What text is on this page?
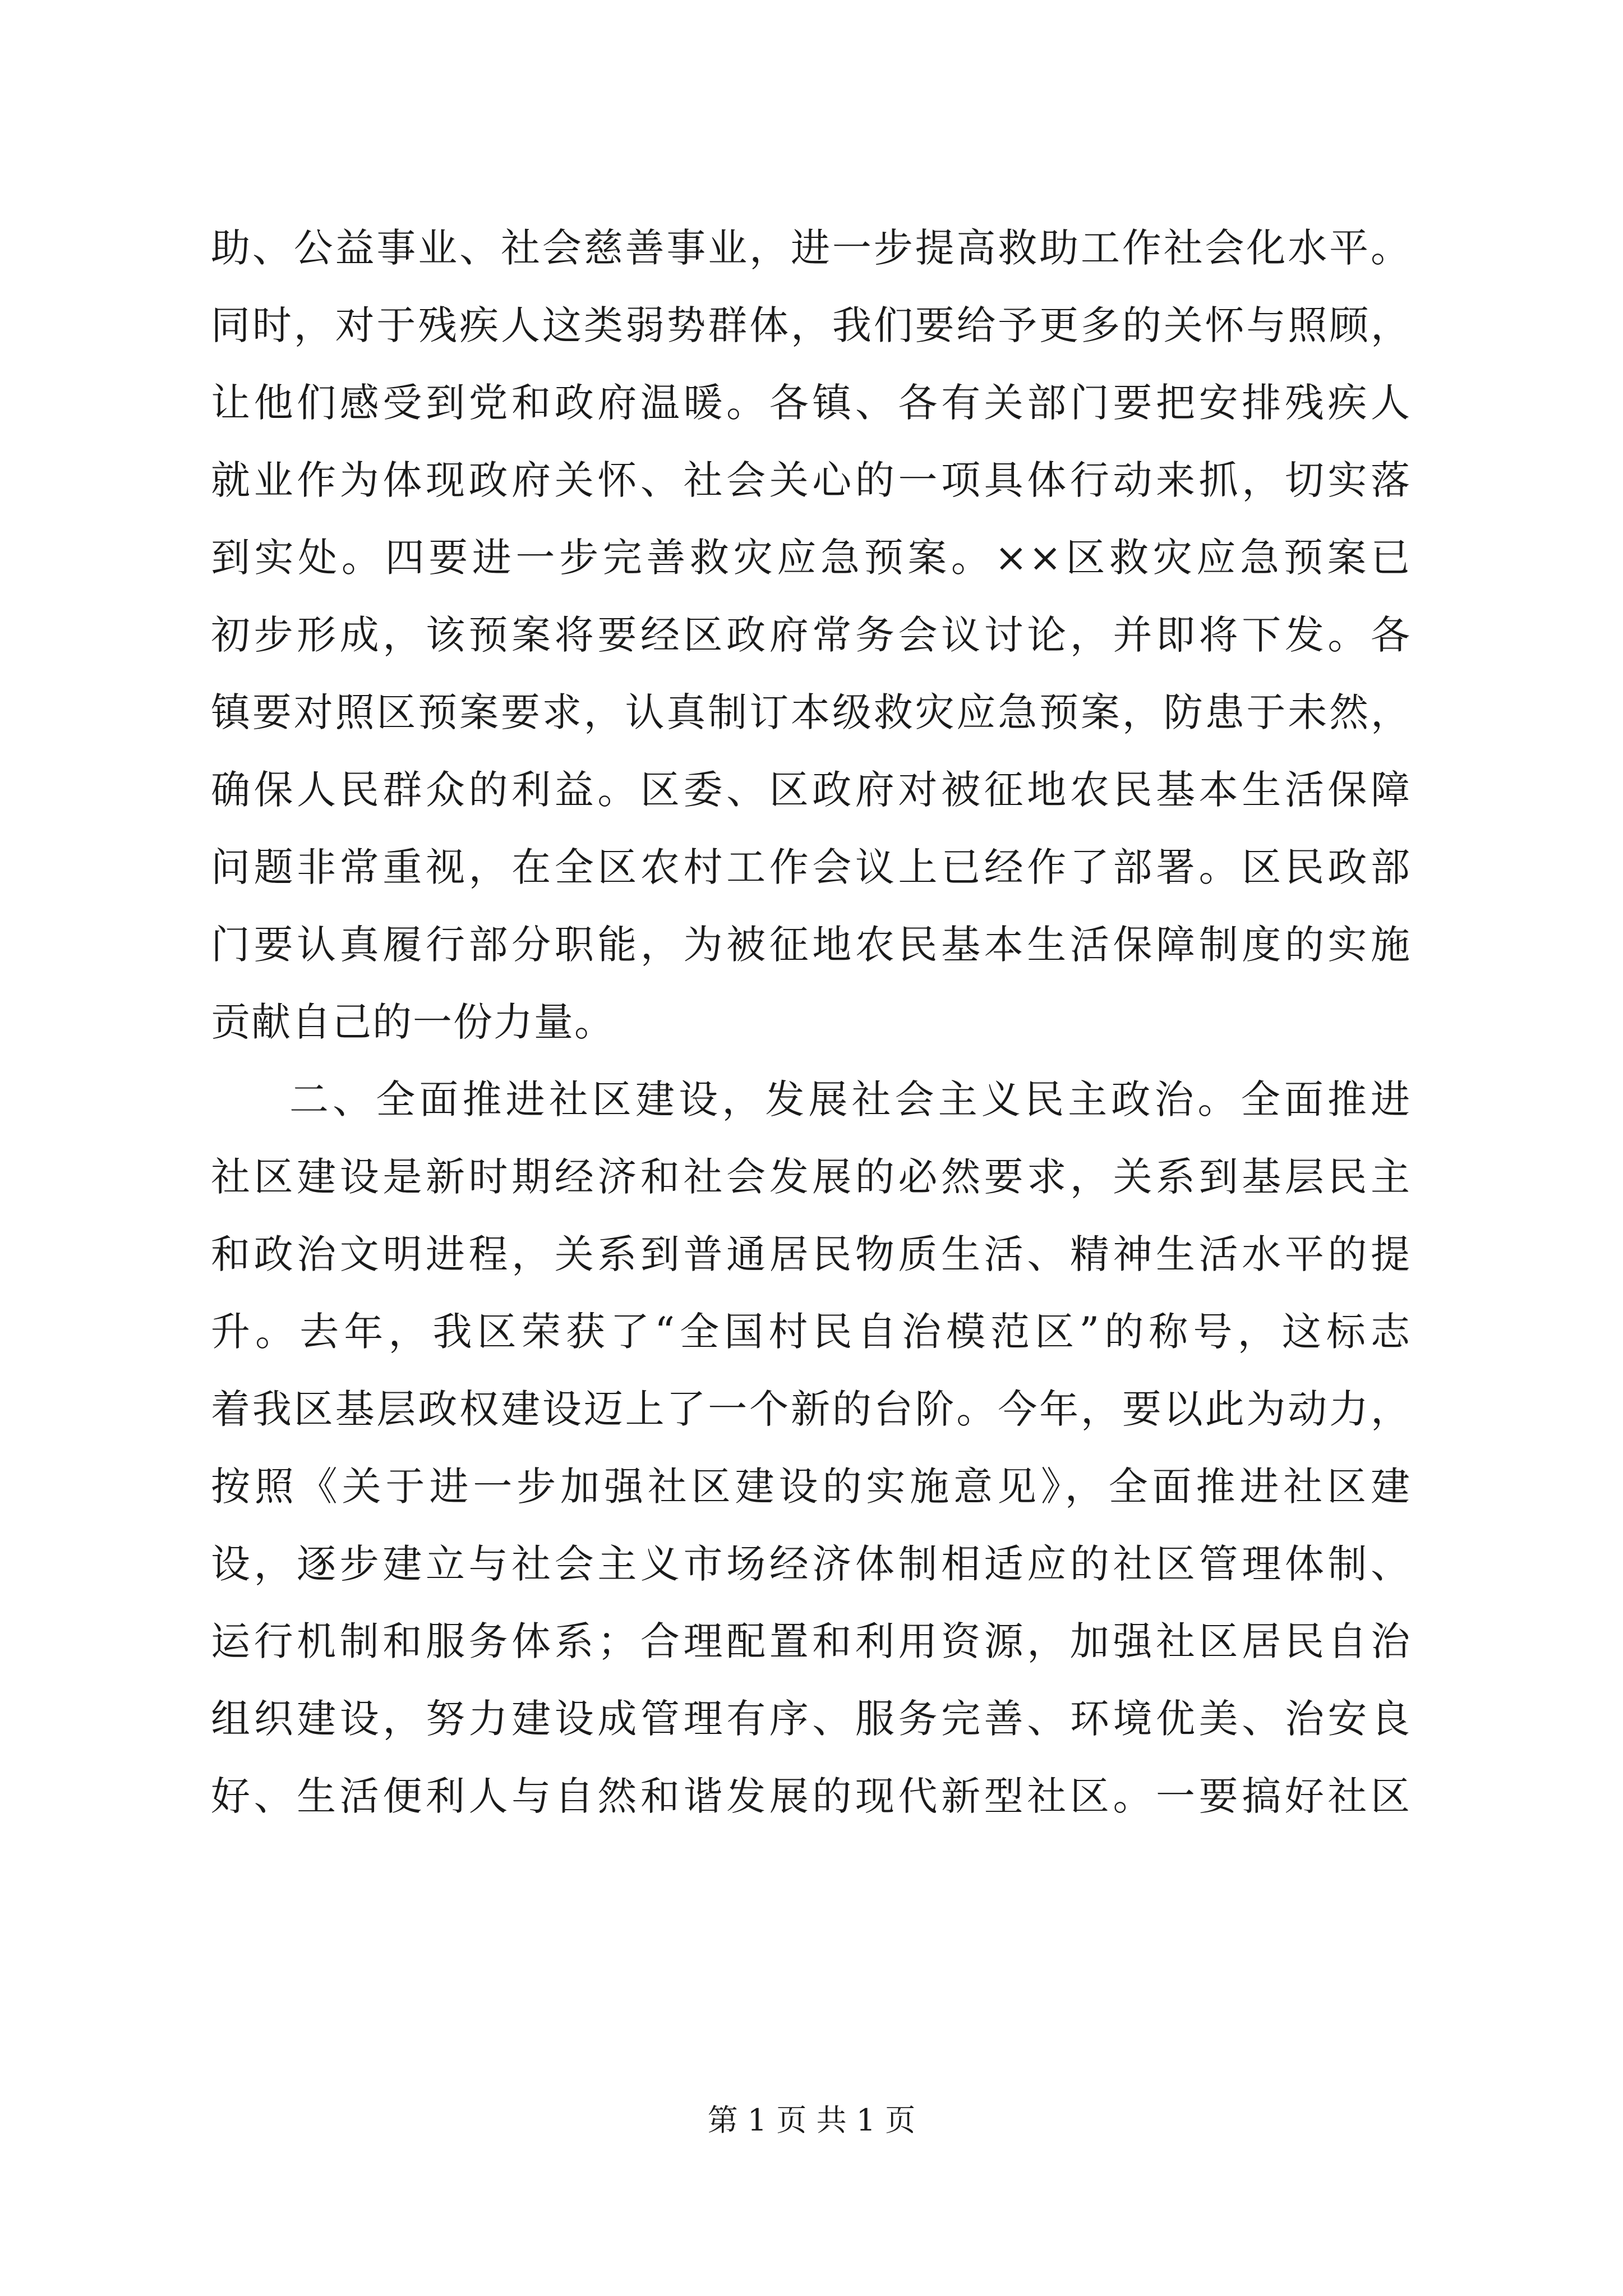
助、公益事业、社会慈善事业，进一步提高救助工作社会化水平。
同时，对于残疾人这类弱势群体，我们要给予更多的关怀与照顾，
让他们感受到党和政府温暖。各镇、各有关部门要把安排残疾人
就业作为体现政府关怀、社会关心的一项具体行动来抓，切实落
到实处。四要进一步完善救灾应急预案。××区救灾应急预案已
初步形成，该预案将要经区政府常务会议讨论，并即将下发。各
镇要对照区预案要求，认真制订本级救灾应急预案，防患于未然，
确保人民群众的利益。区委、区政府对被征地农民基本生活保障
问题非常重视，在全区农村工作会议上已经作了部署。区民政部
门要认真履行部分职能，为被征地农民基本生活保障制度的实施
贡献自己的一份力量。
二、全面推进社区建设，发展社会主义民主政治。全面推进
社区建设是新时期经济和社会发展的必然要求，关系到基层民主
和政治文明进程，关系到普通居民物质生活、精神生活水平的提
升。去年，我区荣获了“全国村民自治模范区”的称号，这标志
着我区基层政权建设迈上了一个新的台阶。今年，要以此为动力，
按照《关于进一步加强社区建设的实施意见》，全面推进社区建
设，逐步建立与社会主义市场经济体制相适应的社区管理体制、
运行机制和服务体系；合理配置和利用资源，加强社区居民自治
组织建设，努力建设成管理有序、服务完善、环境优美、治安良
好、生活便利人与自然和谐发展的现代新型社区。一要搞好社区
第 1 页 共 1 页
